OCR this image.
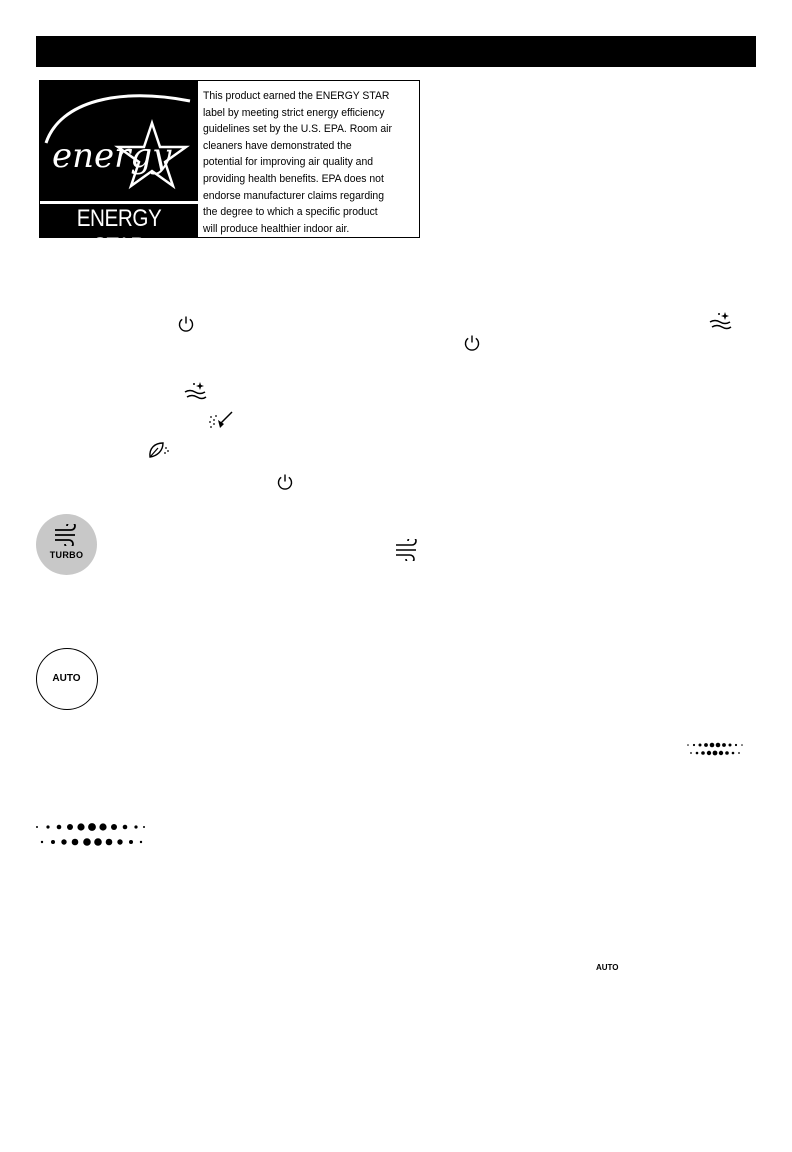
energy
ENERGY STAR
This product earned the ENERGY STAR
label by meeting strict energy efficiency
guidelines set by the U.S. EPA. Room air
cleaners have demonstrated the
potential for improving air quality and
providing health benefits. EPA does not
endorse manufacturer claims regarding
the degree to which a specific product
will produce healthier indoor air.
TURBO
AUTO
AUTO
